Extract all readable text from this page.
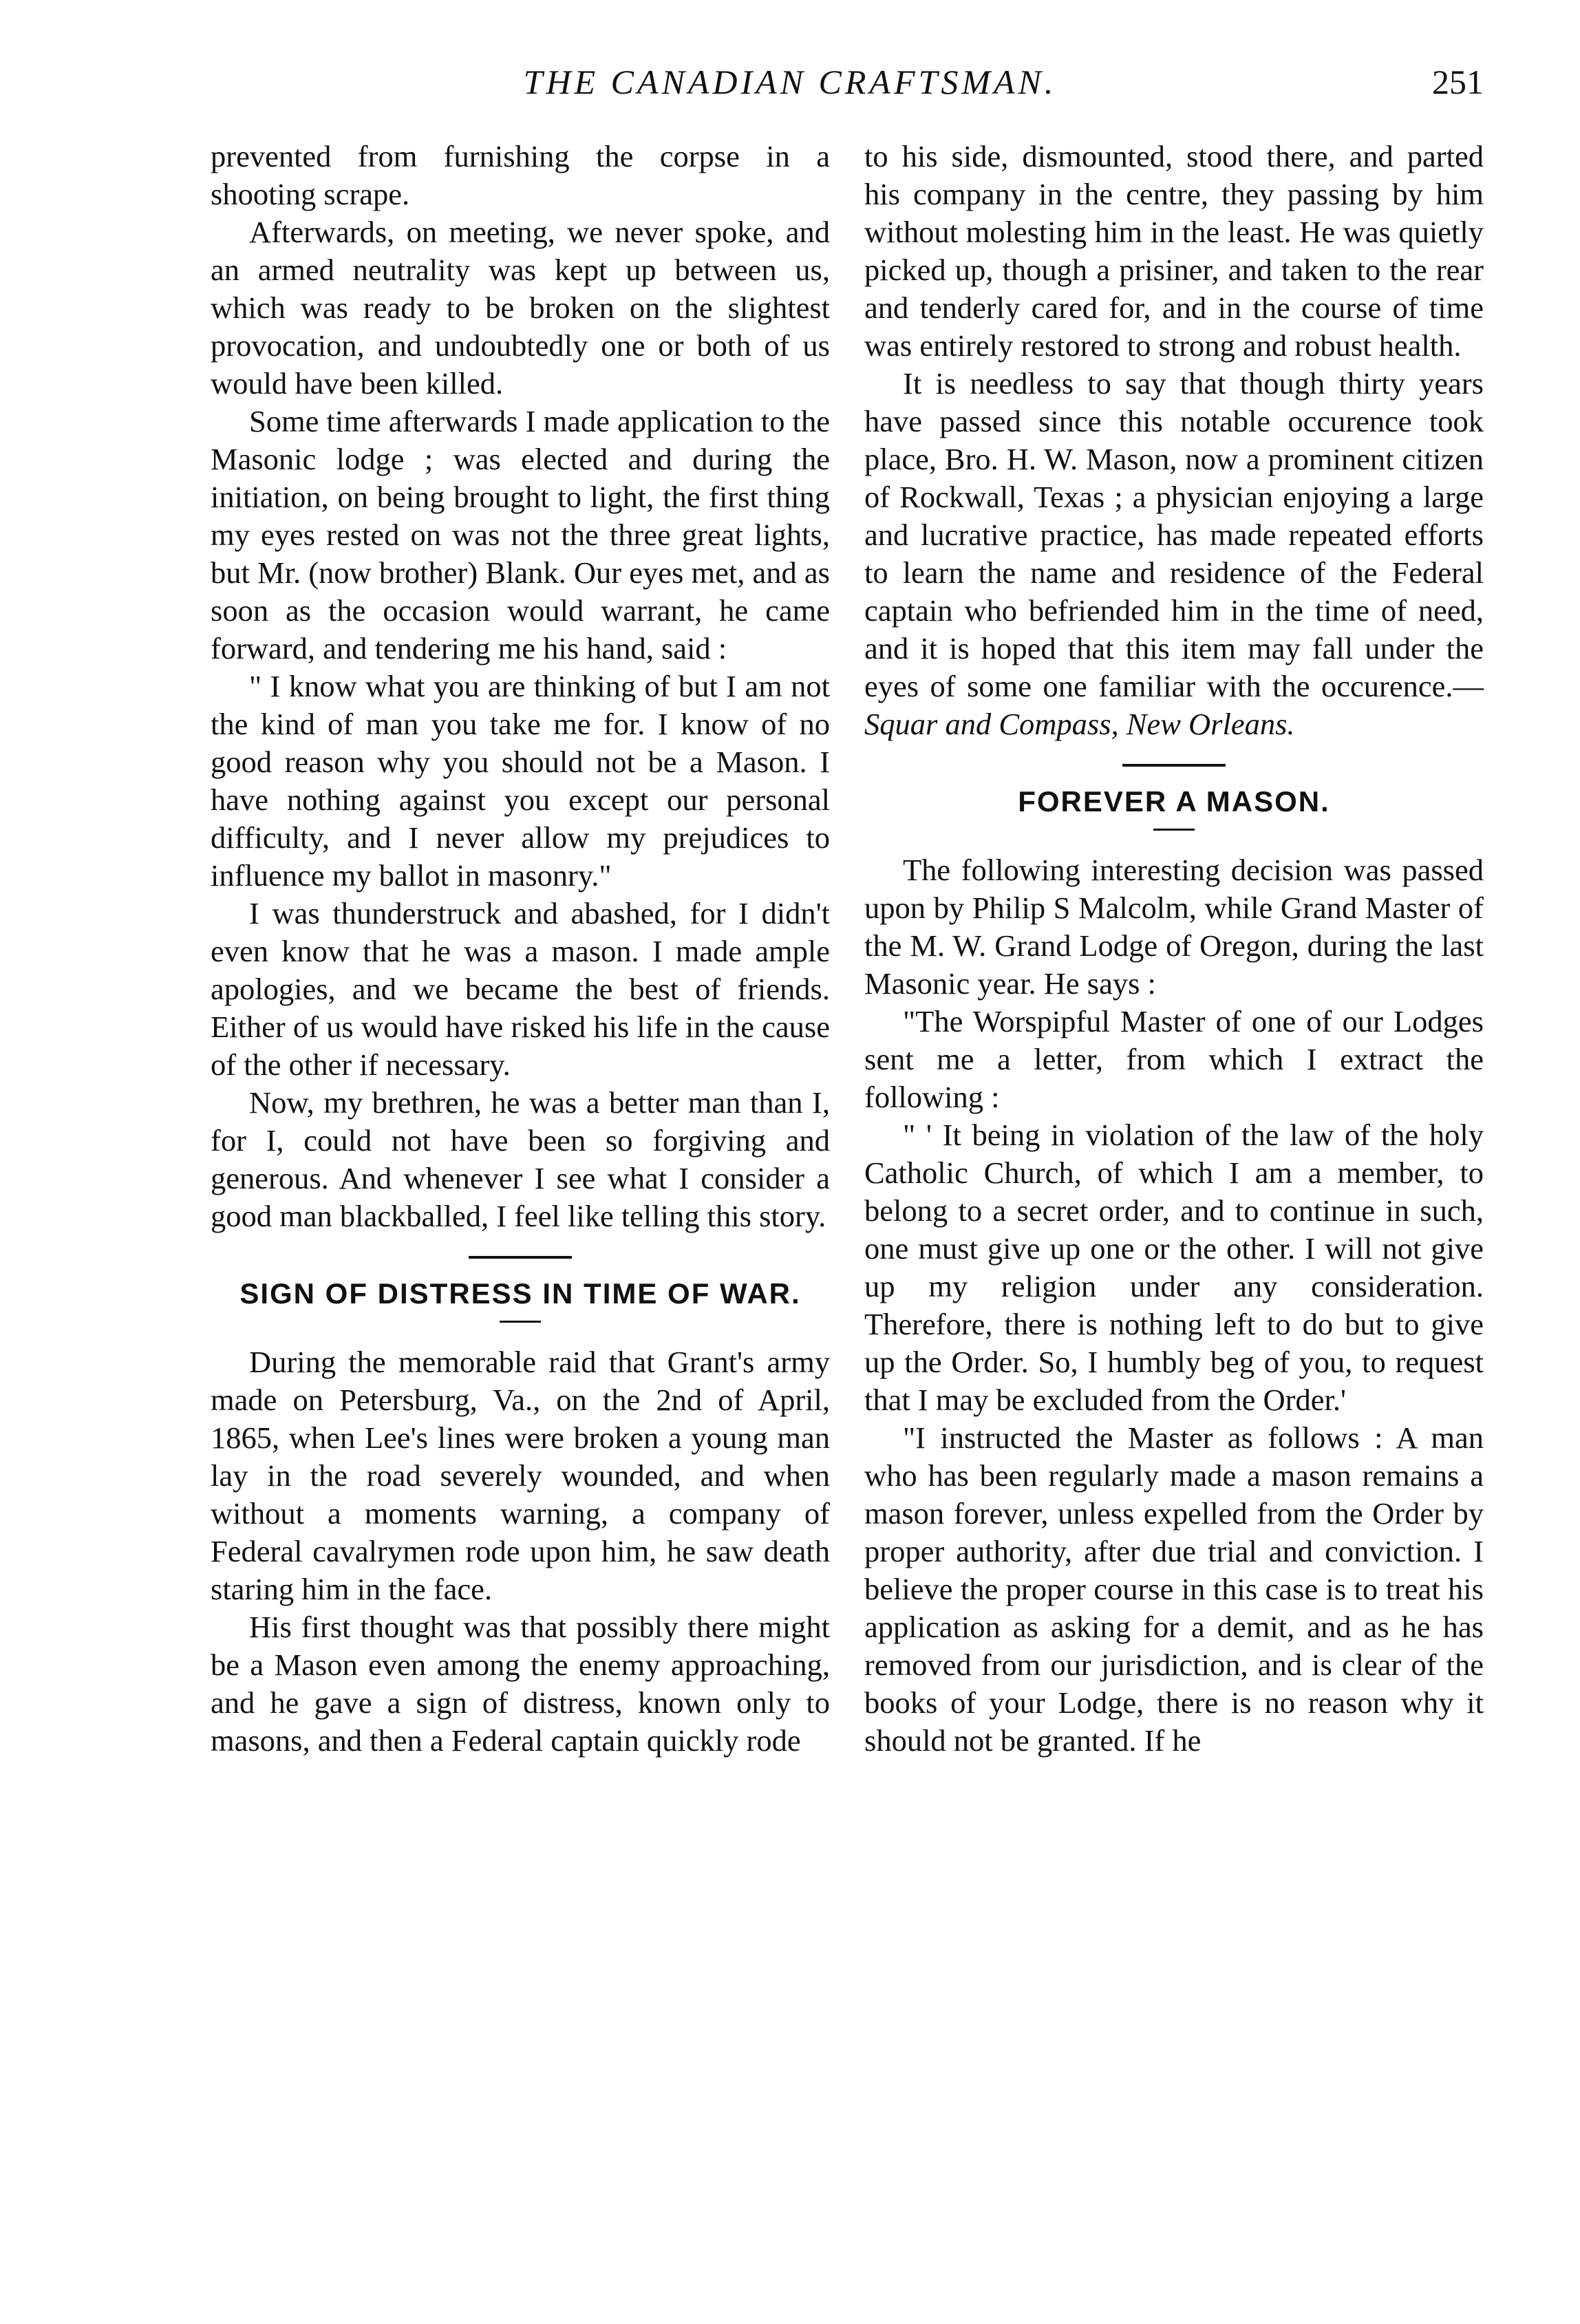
THE CANADIAN CRAFTSMAN.	251

prevented from furnishing the corpse in a shooting scrape.

Afterwards, on meeting, we never spoke, and an armed neutrality was kept up between us, which was ready to be broken on the slightest provocation, and undoubtedly one or both of us would have been killed.

Some time afterwards I made application to the Masonic lodge ; was elected and during the initiation, on being brought to light, the first thing my eyes rested on was not the three great lights, but Mr. (now brother) Blank. Our eyes met, and as soon as the occasion would warrant, he came forward, and tendering me his hand, said :

" I know what you are thinking of but I am not the kind of man you take me for. I know of no good reason why you should not be a Mason. I have nothing against you except our personal difficulty, and I never allow my prejudices to influence my ballot in masonry."

I was thunderstruck and abashed, for I didn't even know that he was a mason. I made ample apologies, and we became the best of friends. Either of us would have risked his life in the cause of the other if necessary.

Now, my brethren, he was a better man than I, for I, could not have been so forgiving and generous. And whenever I see what I consider a good man blackballed, I feel like telling this story.

SIGN OF DISTRESS IN TIME OF WAR.

During the memorable raid that Grant's army made on Petersburg, Va., on the 2nd of April, 1865, when Lee's lines were broken a young man lay in the road severely wounded, and when without a moments warning, a company of Federal cavalrymen rode upon him, he saw death staring him in the face.

His first thought was that possibly there might be a Mason even among the enemy approaching, and he gave a sign of distress, known only to masons, and then a Federal captain quickly rode

to his side, dismounted, stood there, and parted his company in the centre, they passing by him without molesting him in the least. He was quietly picked up, though a prisiner, and taken to the rear and tenderly cared for, and in the course of time was entirely restored to strong and robust health.

It is needless to say that though thirty years have passed since this notable occurence took place, Bro. H. W. Mason, now a prominent citizen of Rockwall, Texas ; a physician enjoying a large and lucrative practice, has made repeated efforts to learn the name and residence of the Federal captain who befriended him in the time of need, and it is hoped that this item may fall under the eyes of some one familiar with the occurence.—Squar and Compass, New Orleans.

FOREVER A MASON.

The following interesting decision was passed upon by Philip S Malcolm, while Grand Master of the M. W. Grand Lodge of Oregon, during the last Masonic year. He says :

"The Worspipful Master of one of our Lodges sent me a letter, from which I extract the following :

" ' It being in violation of the law of the holy Catholic Church, of which I am a member, to belong to a secret order, and to continue in such, one must give up one or the other. I will not give up my religion under any consideration. Therefore, there is nothing left to do but to give up the Order. So, I humbly beg of you, to request that I may be excluded from the Order.'

"I instructed the Master as follows : A man who has been regularly made a mason remains a mason forever, unless expelled from the Order by proper authority, after due trial and conviction. I believe the proper course in this case is to treat his application as asking for a demit, and as he has removed from our jurisdiction, and is clear of the books of your Lodge, there is no reason why it should not be granted. If he
